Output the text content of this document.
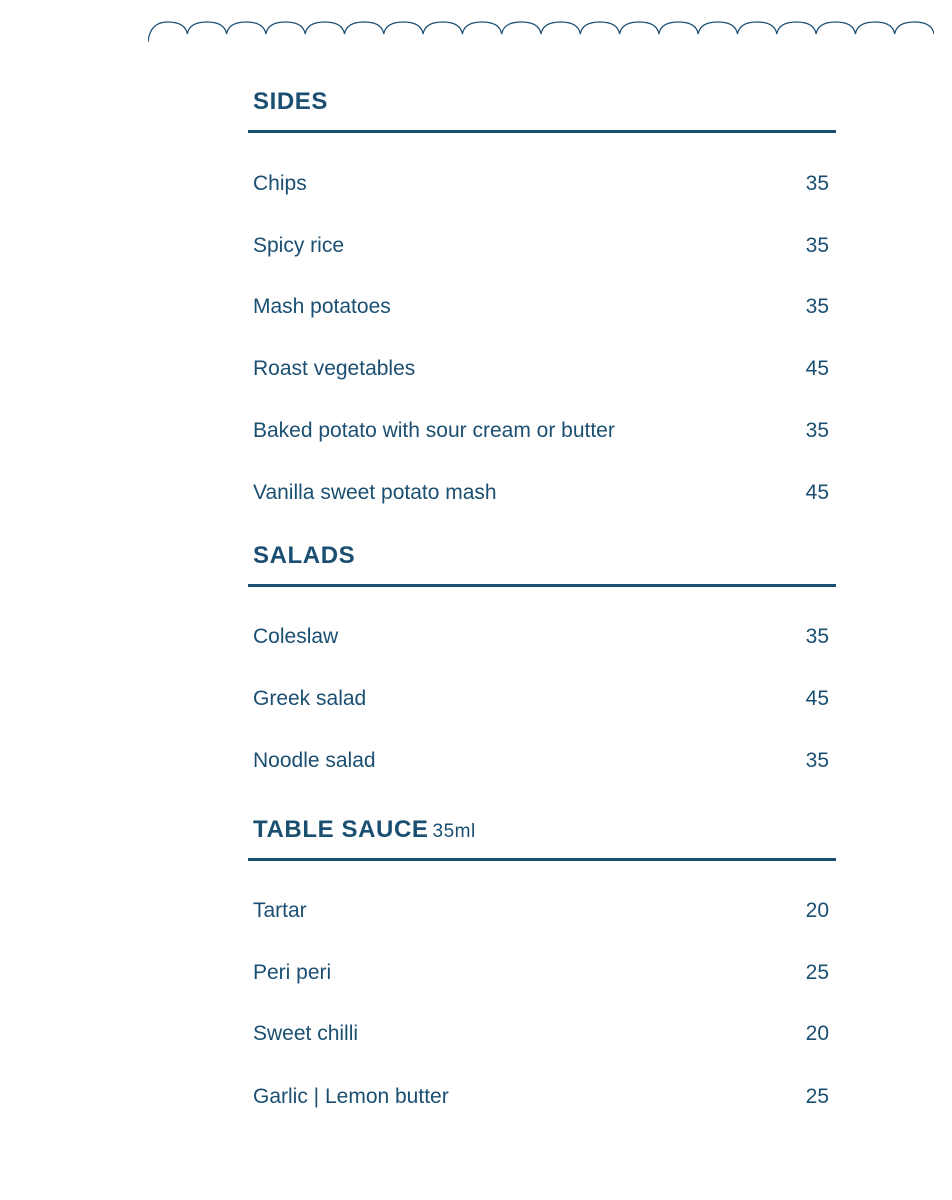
SIDES
Chips	35
Spicy rice	35
Mash potatoes	35
Roast vegetables	45
Baked potato with sour cream or butter	35
Vanilla sweet potato mash	45
SALADS
Coleslaw	35
Greek salad	45
Noodle salad	35
TABLE SAUCE 35ml
Tartar	20
Peri peri	25
Sweet chilli	20
Garlic | Lemon butter	25
